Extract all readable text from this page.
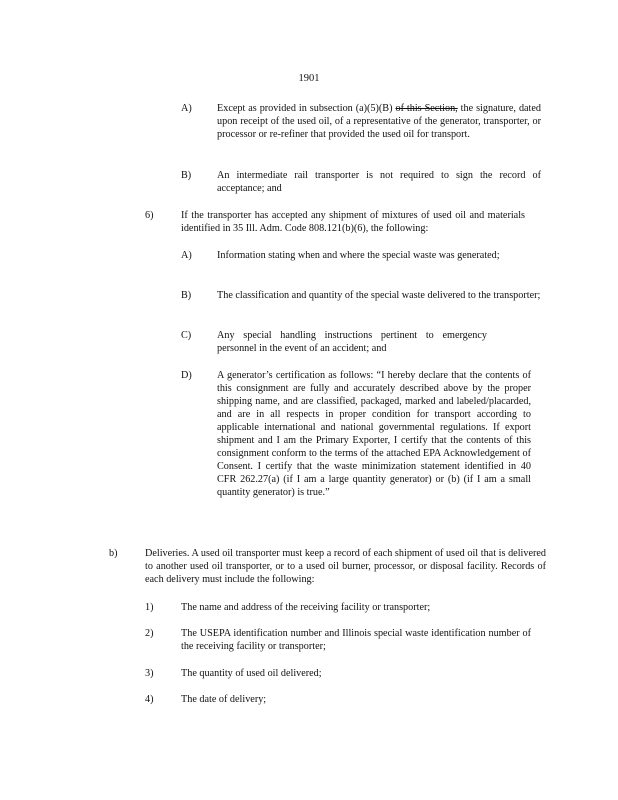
1901
A) Except as provided in subsection (a)(5)(B) of this Section, the signature, dated upon receipt of the used oil, of a representative of the generator, transporter, or processor or re-refiner that provided the used oil for transport.
B)	An intermediate rail transporter is not required to sign the record of acceptance; and
6)	If the transporter has accepted any shipment of mixtures of used oil and materials identified in 35 Ill. Adm. Code 808.121(b)(6), the following:
A) Information stating when and where the special waste was generated;
B)	The classification and quantity of the special waste delivered to the transporter;
C)	Any special handling instructions pertinent to emergency personnel in the event of an accident; and
D) A generator’s certification as follows: “I hereby declare that the contents of this consignment are fully and accurately described above by the proper shipping name, and are classified, packaged, marked and labeled/placarded, and are in all respects in proper condition for transport according to applicable international and national governmental regulations. If export shipment and I am the Primary Exporter, I certify that the contents of this consignment conform to the terms of the attached EPA Acknowledgement of Consent. I certify that the waste minimization statement identified in 40 CFR 262.27(a) (if I am a large quantity generator) or (b) (if I am a small quantity generator) is true.”
b)	Deliveries. A used oil transporter must keep a record of each shipment of used oil that is delivered to another used oil transporter, or to a used oil burner, processor, or disposal facility. Records of each delivery must include the following:
1)	The name and address of the receiving facility or transporter;
2)	The USEPA identification number and Illinois special waste identification number of the receiving facility or transporter;
3)	The quantity of used oil delivered;
4)	The date of delivery;
